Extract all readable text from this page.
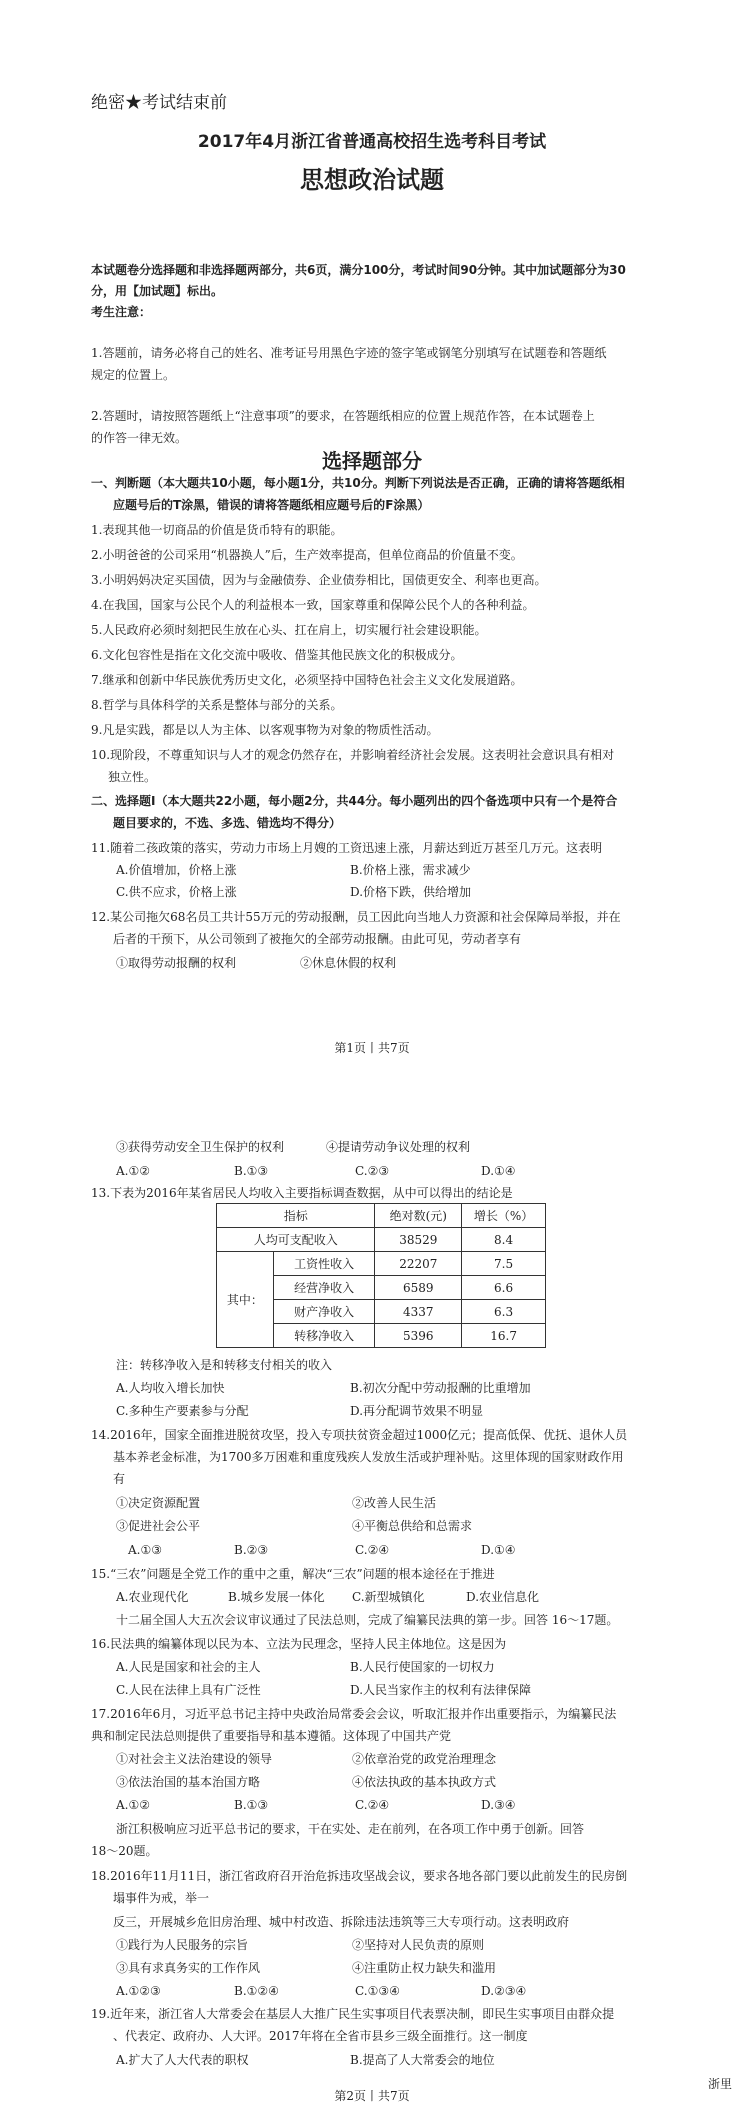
绝密★考试结束前
2017年4月浙江省普通高校招生选考科目考试
思想政治试题
本试题卷分选择题和非选择题两部分，共6页，满分100分，考试时间90分钟。其中加试题部分为30
分，用【加试题】标出。
考生注意：
1.答题前，请务必将自己的姓名、准考证号用黑色字迹的签字笔或钢笔分别填写在试题卷和答题纸
规定的位置上。
2.答题时，请按照答题纸上“注意事项”的要求，在答题纸相应的位置上规范作答，在本试题卷上
的作答一律无效。
选择题部分
一、判断题（本大题共10小题，每小题1分，共10分。判断下列说法是否正确，正确的请将答题纸相
应题号后的T涂黑，错误的请将答题纸相应题号后的F涂黑）
1.表现其他一切商品的价值是货币特有的职能。
2.小明爸爸的公司采用“机器换人”后，生产效率提高，但单位商品的价值量不变。
3.小明妈妈决定买国债，因为与金融债券、企业债券相比，国债更安全、利率也更高。
4.在我国，国家与公民个人的利益根本一致，国家尊重和保障公民个人的各种利益。
5.人民政府必须时刻把民生放在心头、扛在肩上，切实履行社会建设职能。
6.文化包容性是指在文化交流中吸收、借鉴其他民族文化的积极成分。
7.继承和创新中华民族优秀历史文化，必须坚持中国特色社会主义文化发展道路。
8.哲学与具体科学的关系是整体与部分的关系。
9.凡是实践，都是以人为主体、以客观事物为对象的物质性活动。
10.现阶段，不尊重知识与人才的观念仍然存在，并影响着经济社会发展。这表明社会意识具有相对
独立性。
二、选择题Ⅰ（本大题共22小题，每小题2分，共44分。每小题列出的四个备选项中只有一个是符合
题目要求的，不选、多选、错选均不得分）
11.随着二孩政策的落实，劳动力市场上月嫂的工资迅速上涨，月薪达到近万甚至几万元。这表明
A.价值增加，价格上涨	B.价格上涨，需求减少
C.供不应求，价格上涨	D.价格下跌，供给增加
12.某公司拖欠68名员工共计55万元的劳动报酬，员工因此向当地人力资源和社会保障局举报，并在
后者的干预下，从公司领到了被拖欠的全部劳动报酬。由此可见，劳动者享有
①取得劳动报酬的权利	②休息休假的权利
第1页丨共7页
③获得劳动安全卫生保护的权利	④提请劳动争议处理的权利
A.①②	B.①③	C.②③	D.①④
13.下表为2016年某省居民人均收入主要指标调查数据，从中可以得出的结论是
指标		绝对数(元)	增长（%）
人均可支配收入		38529	8.4
其中：	工资性收入	22207	7.5
	经营净收入	6589	6.6
	财产净收入	4337	6.3
	转移净收入	5396	16.7
注：转移净收入是和转移支付相关的收入
A.人均收入增长加快	B.初次分配中劳动报酬的比重增加
C.多种生产要素参与分配	D.再分配调节效果不明显
14.2016年，国家全面推进脱贫攻坚，投入专项扶贫资金超过1000亿元；提高低保、优抚、退休人员
基本养老金标准，为1700多万困难和重度残疾人发放生活或护理补贴。这里体现的国家财政作用
有
①决定资源配置	②改善人民生活
③促进社会公平	④平衡总供给和总需求
A.①③	B.②③	C.②④	D.①④
15.“三农”问题是全党工作的重中之重，解决“三农”问题的根本途径在于推进
A.农业现代化	B.城乡发展一体化 C.新型城镇化	D.农业信息化
十二届全国人大五次会议审议通过了民法总则，完成了编纂民法典的第一步。回答 16～17题。
16.民法典的编纂体现以民为本、立法为民理念，坚持人民主体地位。这是因为
A.人民是国家和社会的主人	B.人民行使国家的一切权力
C.人民在法律上具有广泛性	D.人民当家作主的权利有法律保障
17.2016年6月，习近平总书记主持中央政治局常委会会议，听取汇报并作出重要指示，为编纂民法
典和制定民法总则提供了重要指导和基本遵循。这体现了中国共产党
①对社会主义法治建设的领导	②依章治党的政党治理理念
③依法治国的基本治国方略	④依法执政的基本执政方式
A.①②	B.①③	C.②④	D.③④
浙江积极响应习近平总书记的要求，干在实处、走在前列，在各项工作中勇于创新。回答
18～20题。
18.2016年11月11日，浙江省政府召开治危拆违攻坚战会议，要求各地各部门要以此前发生的民房倒
塌事件为戒，举一
反三，开展城乡危旧房治理、城中村改造、拆除违法违筑等三大专项行动。这表明政府
①践行为人民服务的宗旨	②坚持对人民负责的原则
③具有求真务实的工作作风	④注重防止权力缺失和滥用
A.①②③	B.①②④	C.①③④	D.②③④
19.近年来，浙江省人大常委会在基层人大推广民生实事项目代表票决制，即民生实事项目由群众提
、代表定、政府办、人大评。2017年将在全省市县乡三级全面推行。这一制度
A.扩大了人大代表的职权	B.提高了人大常委会的地位
第2页丨共7页
浙里
